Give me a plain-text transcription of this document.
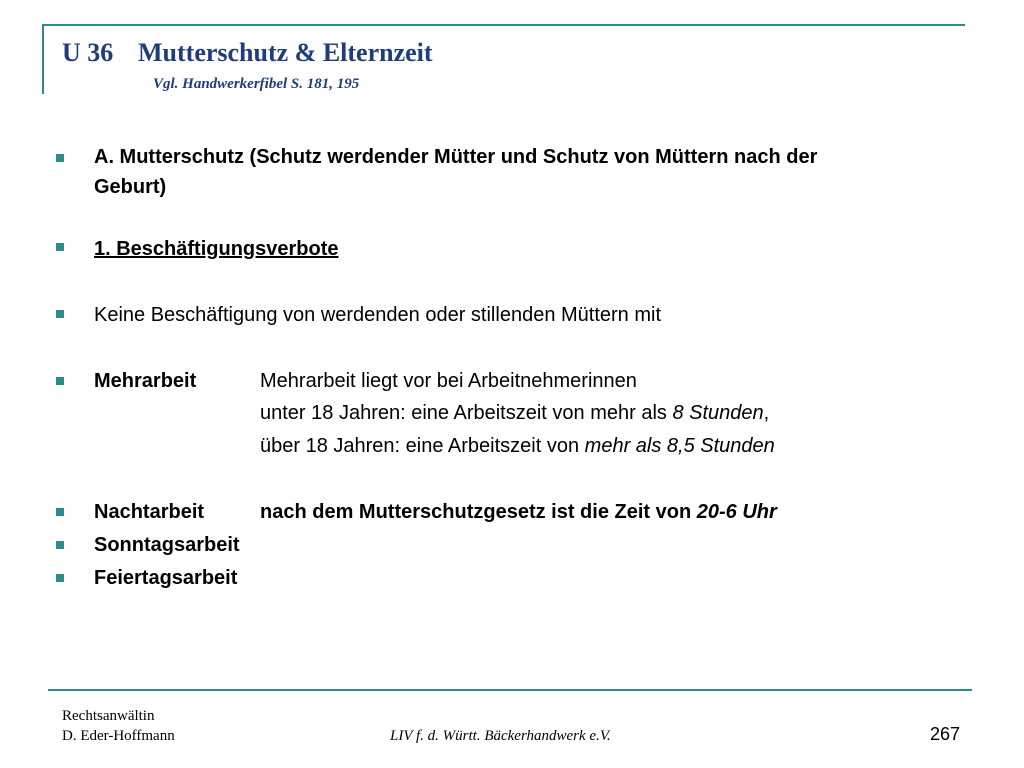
U 36 Mutterschutz & Elternzeit
Vgl. Handwerkerfibel S. 181, 195
A. Mutterschutz (Schutz werdender Mütter und Schutz von Müttern nach der
Geburt)
1. Beschäftigungsverbote
Keine Beschäftigung von werdenden oder stillenden Müttern mit
Mehrarbeit	Mehrarbeit liegt vor bei Arbeitnehmerinnen
unter 18 Jahren: eine Arbeitszeit von mehr als 8 Stunden,
über 18 Jahren: eine Arbeitszeit von mehr als 8,5 Stunden
Nachtarbeit	nach dem Mutterschutzgesetz ist die Zeit von 20-6 Uhr
Sonntagsarbeit
Feiertagsarbeit
Rechtsanwältin
D. Eder-Hoffmann	LIV f. d. Württ. Bäckerhandwerk e.V.	267
